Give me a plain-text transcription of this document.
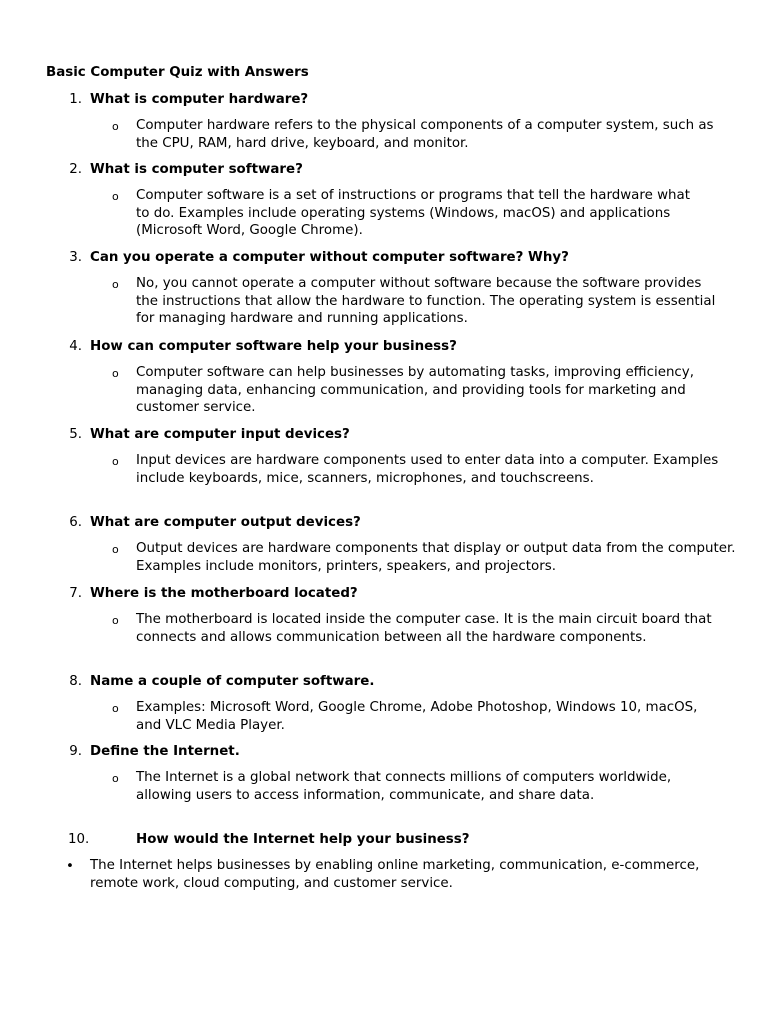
Basic Computer Quiz with Answers
1. What is computer hardware?
o Computer hardware refers to the physical components of a computer system, such as the CPU, RAM, hard drive, keyboard, and monitor.
2. What is computer software?
o Computer software is a set of instructions or programs that tell the hardware what to do. Examples include operating systems (Windows, macOS) and applications (Microsoft Word, Google Chrome).
3. Can you operate a computer without computer software? Why?
o No, you cannot operate a computer without software because the software provides the instructions that allow the hardware to function. The operating system is essential for managing hardware and running applications.
4. How can computer software help your business?
o Computer software can help businesses by automating tasks, improving efficiency, managing data, enhancing communication, and providing tools for marketing and customer service.
5. What are computer input devices?
o Input devices are hardware components used to enter data into a computer. Examples include keyboards, mice, scanners, microphones, and touchscreens.
6. What are computer output devices?
o Output devices are hardware components that display or output data from the computer. Examples include monitors, printers, speakers, and projectors.
7. Where is the motherboard located?
o The motherboard is located inside the computer case. It is the main circuit board that connects and allows communication between all the hardware components.
8. Name a couple of computer software.
o Examples: Microsoft Word, Google Chrome, Adobe Photoshop, Windows 10, macOS, and VLC Media Player.
9. Define the Internet.
o The Internet is a global network that connects millions of computers worldwide, allowing users to access information, communicate, and share data.
10.	How would the Internet help your business?
• The Internet helps businesses by enabling online marketing, communication, e-commerce, remote work, cloud computing, and customer service.
